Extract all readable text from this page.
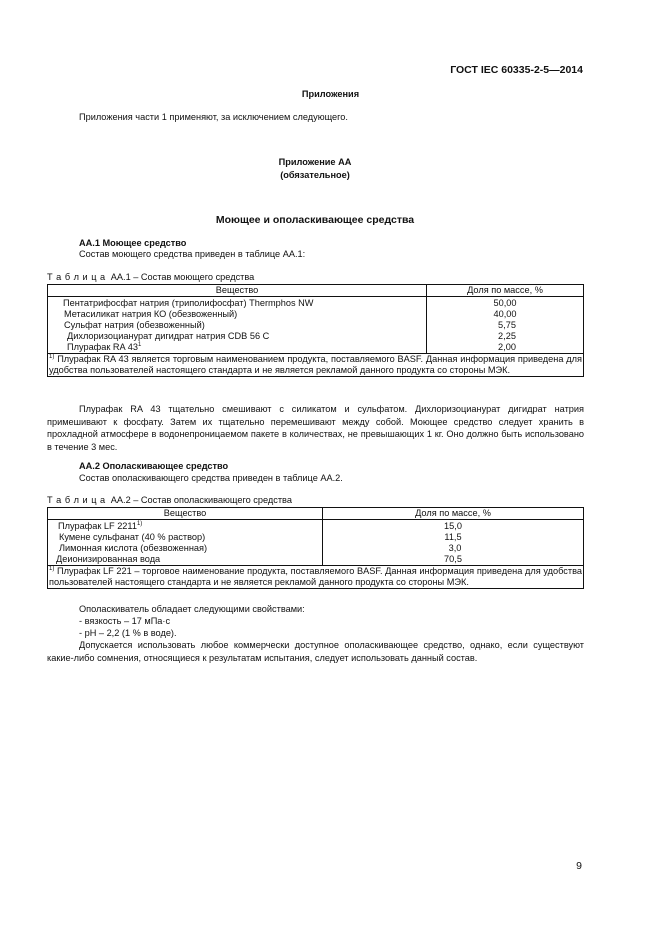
ГОСТ IEC 60335-2-5—2014
Приложения
Приложения части 1 применяют, за исключением следующего.
Приложение АА
(обязательное)
Моющее и ополаскивающее средства
АА.1 Моющее средство
Состав моющего средства приведен в таблице АА.1:
Т а б л и ц а АА.1 – Состав моющего средства
Вещество	Доля по массе, %
Пентатрифосфат натрия (триполифосфат) Thermphos NW	50,00
Метасиликат натрия КО (обезвоженный)	40,00
Сульфат натрия (обезвоженный)	5,75
Дихлоризоцианурат дигидрат натрия CDB 56 C	2,25
Плурафак RA $43^1$	2,00
$^{1)}$ Плурафак RA 43 является торговым наименованием продукта, поставляемого BASF. Данная информация приведена для удобства пользователей настоящего стандарта и не является рекламой данного продукта со стороны МЭК.	
Плурафак RA 43 тщательно смешивают с силикатом и сульфатом. Дихлоризоцианурат дигидрат натрия примешивают к фосфату. Затем их тщательно перемешивают между собой. Моющее средство следует хранить в прохладной атмосфере в водонепроницаемом пакете в количествах, не превышающих 1 кг. Оно должно быть использовано в течение 3 мес.
АА.2 Ополаскивающее средство
Состав ополаскивающего средства приведен в таблице АА.2.
Т а б л и ц а АА.2 – Состав ополаскивающего средства
Вещество	Доля по массе, %
Плурафак LF 2211$^{1)}$	15,0
Кумене сульфанат (40 % раствор)	11,5
Лимонная кислота (обезвоженная)	3,0
Деионизированная вода	70,5
$^{1)}$ Плурафак LF 221 – торговое наименование продукта, поставляемого BASF. Данная информация приведена для удобства пользователей настоящего стандарта и не является рекламой данного продукта со стороны МЭК.	
Ополаскиватель обладает следующими свойствами:
- вязкость – 17 мПа·с
- pH – 2,2 (1 % в воде).
Допускается использовать любое коммерчески доступное ополаскивающее средство, однако, если существуют какие-либо сомнения, относящиеся к результатам испытания, следует использовать данный состав.
9
